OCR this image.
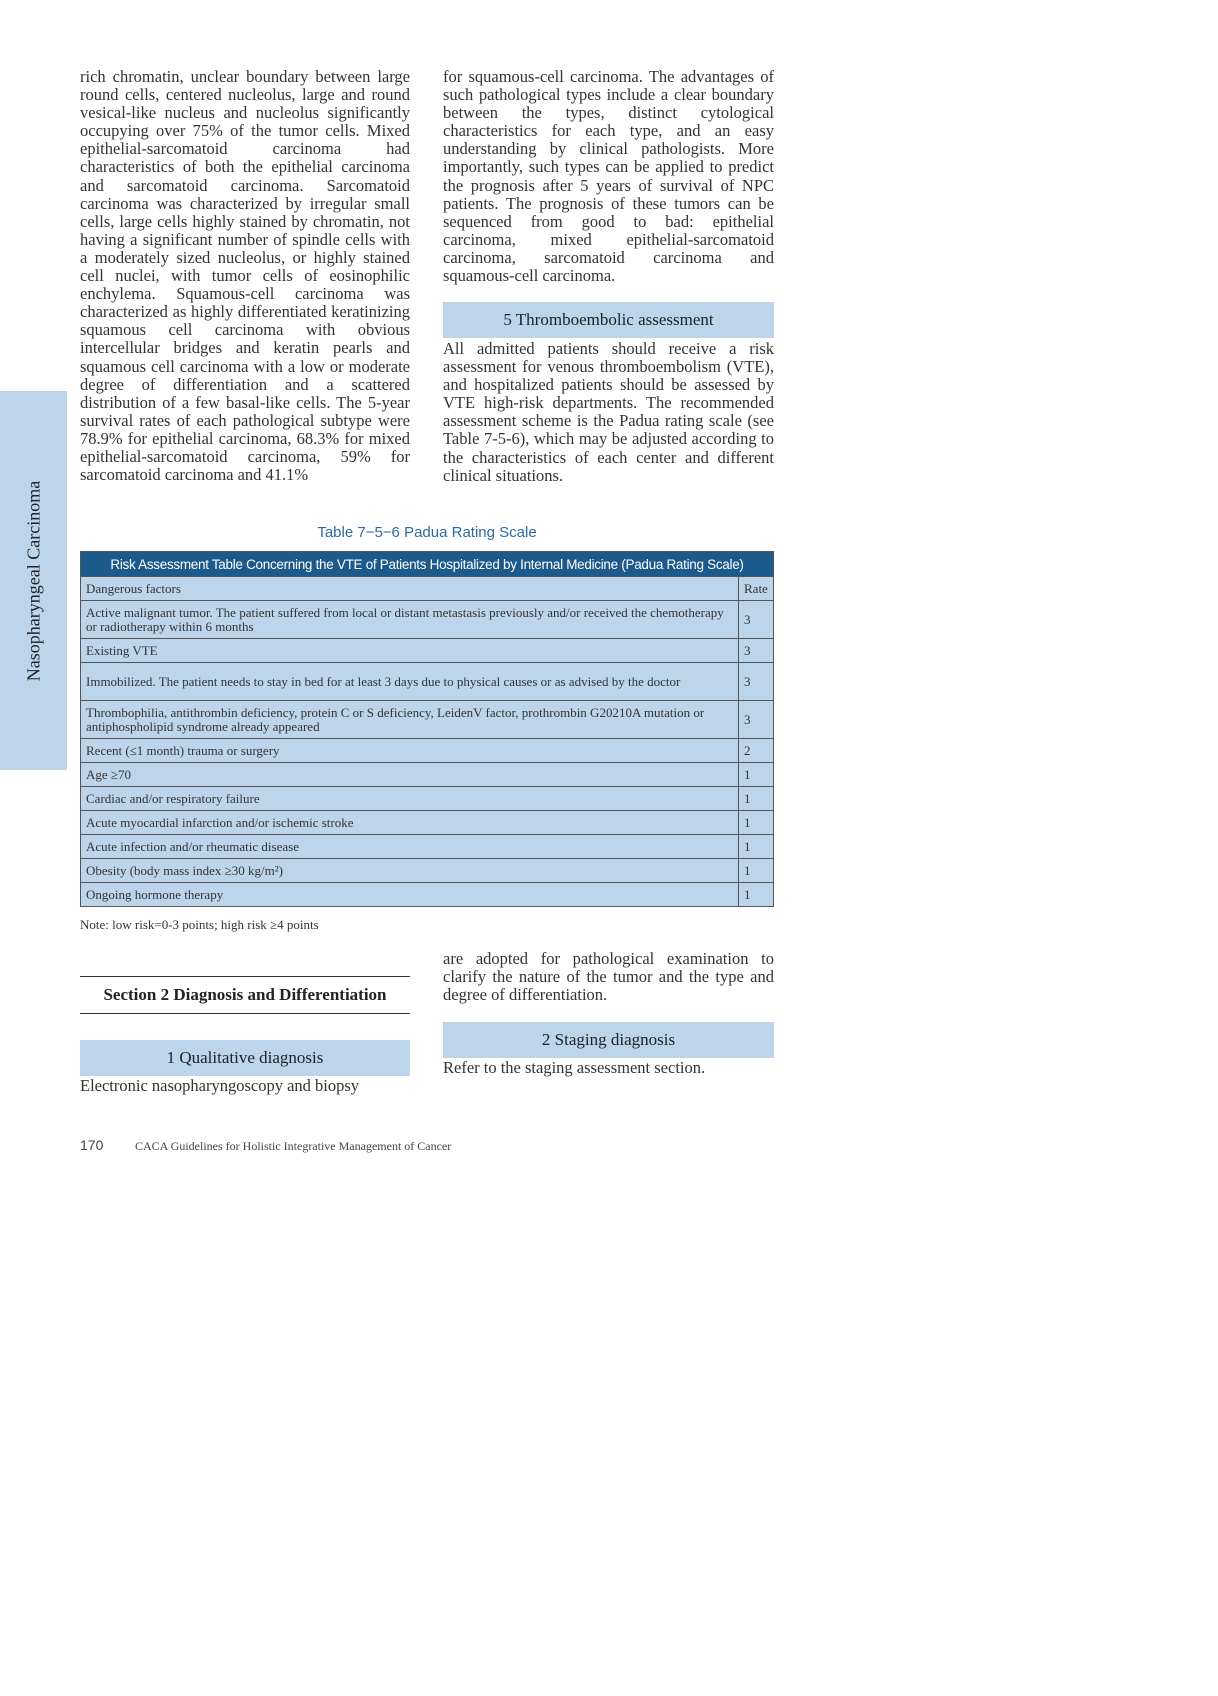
Nasopharyngeal Carcinoma

rich chromatin, unclear boundary between large round cells, centered nucleolus, large and round vesical-like nucleus and nucleolus significantly occupying over 75% of the tumor cells. Mixed epithelial-sarcomatoid carcinoma had characteristics of both the epithelial carcinoma and sarcomatoid carcinoma. Sarcomatoid carcinoma was characterized by irregular small cells, large cells highly stained by chromatin, not having a significant number of spindle cells with a moderately sized nucleolus, or highly stained cell nuclei, with tumor cells of eosinophilic enchylema. Squamous-cell carcinoma was characterized as highly differentiated keratinizing squamous cell carcinoma with obvious intercellular bridges and keratin pearls and squamous cell carcinoma with a low or moderate degree of differentiation and a scattered distribution of a few basal-like cells. The 5-year survival rates of each pathological subtype were 78.9% for epithelial carcinoma, 68.3% for mixed epithelial-sarcomatoid carcinoma, 59% for sarcomatoid carcinoma and 41.1%

for squamous-cell carcinoma. The advantages of such pathological types include a clear boundary between the types, distinct cytological characteristics for each type, and an easy understanding by clinical pathologists. More importantly, such types can be applied to predict the prognosis after 5 years of survival of NPC patients. The prognosis of these tumors can be sequenced from good to bad: epithelial carcinoma, mixed epithelial-sarcomatoid carcinoma, sarcomatoid carcinoma and squamous-cell carcinoma.

5 Thromboembolic assessment

All admitted patients should receive a risk assessment for venous thromboembolism (VTE), and hospitalized patients should be assessed by VTE high-risk departments. The recommended assessment scheme is the Padua rating scale (see Table 7-5-6), which may be adjusted according to the characteristics of each center and different clinical situations.

Table 7−5−6 Padua Rating Scale
Risk Assessment Table Concerning the VTE of Patients Hospitalized by Internal Medicine (Padua Rating Scale)	
Dangerous factors	Rate
Active malignant tumor. The patient suffered from local or distant metastasis previously and/or received the chemotherapy or radiotherapy within 6 months	3
Existing VTE	3
Immobilized. The patient needs to stay in bed for at least 3 days due to physical causes or as advised by the doctor	3
Thrombophilia, antithrombin deficiency, protein C or S deficiency, LeidenV factor, prothrombin G20210A mutation or antiphospholipid syndrome already appeared	3
Recent (≤1 month) trauma or surgery	2
Age ≥70	1
Cardiac and/or respiratory failure	1
Acute myocardial infarction and/or ischemic stroke	1
Acute infection and/or rheumatic disease	1
Obesity (body mass index ≥30 kg/m²)	1
Ongoing hormone therapy	1
Note: low risk=0-3 points; high risk ≥4 points
Section 2 Diagnosis and Differentiation
1 Qualitative diagnosis

Electronic nasopharyngoscopy and biopsy

are adopted for pathological examination to clarify the nature of the tumor and the type and degree of differentiation.

2 Staging diagnosis

Refer to the staging assessment section.

170	CACA Guidelines for Holistic Integrative Management of Cancer
